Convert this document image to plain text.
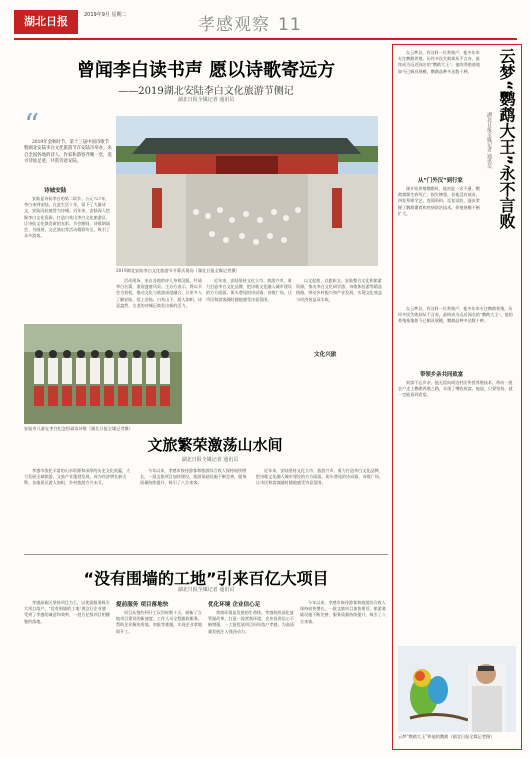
湖北日报	2019年9月 星期二	孝感观察 11
曾闻李白读书声 愿以诗歌寄远方
——2019湖北安陆李白文化旅游节侧记
湖北日报全媒记者 通讯员
“
2019年金秋时节，第十三届中国诗歌节暨湖北安陆李白文化旅游节在安陆市举办。来自全国各地的诗人、作家和游客齐聚一堂，追寻诗仙足迹，共赏诗意安陆。
2019湖北安陆李白文化旅游节开幕式现场（湖北日报全媒记者摄）
诗城安陆
安陆是诗仙李白的第二故乡。公元727年，李白来到安陆，在此生活十年，留下了大量诗文，安陆因此被誉为诗城。近年来，安陆深入挖掘李白文化资源，打造白兆山李白文化旅游区，让诗仙文化焕发新的光彩。节会期间，诗歌朗诵会、书画展、文艺演出等活动精彩纷呈，吸引了众多游客。
活动现场，来自各地的诗人身着汉服，吟诵李白名篇，重现盛唐风采。主办方表示，将以节会为契机，推动文化与旅游深度融合，让更多人了解安陆、爱上安陆。白兆山下，游人如织，诗意盎然，古老的诗城正焕发出新的活力。
近年来，安陆坚持文化立市、旅游兴市，着力打造李白文化品牌，把诗歌文化融入城市建设的方方面面。街头巷尾的诗词墙、诗歌广场，让市民和游客随时随地感受诗意氛围。
文化兴旅
以文促旅、以旅彰文。安陆整合文化和旅游资源，推出李白文化研学游、诗歌体验游等精品线路，带动乡村振兴和产业发展，实现文化效益与经济效益双丰收。
安陆市儿童在李白纪念馆诵读诗歌（湖北日报全媒记者摄）
文旅繁荣激荡山水间
湖北日报全媒记者 通讯员
孝感市依托丰富的山水资源和深厚的历史文化底蕴，大力发展全域旅游，文旅产业蓬勃发展，成为经济增长新引擎。各地景区游人如织，乡村旅游方兴未艾。
今年以来，孝感市接待游客和旅游综合收入保持较快增长，一批文旅项目加快建设，旅游基础设施不断完善，服务质量持续提升，吸引了八方来客。
近年来，安陆坚持文化立市、旅游兴市，着力打造李白文化品牌，把诗歌文化融入城市建设的方方面面。街头巷尾的诗词墙、诗歌广场，让市民和游客随时随地感受诗意氛围。
“没有围墙的工地”引来百亿大项目
湖北日报全媒记者 通讯员
孝感高新区坚持项目为王，以优质服务吸引大项目落户。“没有围墙的工地”理念让企业感受到了孝感的诚意和效率，一批百亿级项目相继签约落地。
提前服务 项目落地快
项目从签约到开工仅用时数十天，刷新了当地项目建设的新速度。工作人员全程跟踪服务，帮助企业解决用地、审批等难题，实现企业拿地即开工。
优化环境 企业信心足
营商环境是发展的生命线。孝感持续深化放管服改革，打造一流营商环境，企业投资信心不断增强，一大批优质项目纷纷落户孝感，为高质量发展注入强劲动力。
今年以来，孝感市接待游客和旅游综合收入保持较快增长，一批文旅项目加快建设，旅游基础设施不断完善，服务质量持续提升，吸引了八方来客。
云梦“鹦鹉大王”永不言败
湖北日报全媒记者 通讯员
在云梦县，有这样一位养殖户，他多年来专注鹦鹉养殖，历经多次失败却从不言弃，最终成为远近闻名的“鹦鹉大王”。他的养殖基地如今已颇具规模，鹦鹉品种多达数十种。
从“门外汉”到行家
刚开始养殖鹦鹉时，他对此一窍不通，鹦鹉频频生病死亡，损失惨重。但他没有放弃，四处拜师学艺，查阅资料，反复试验，逐步掌握了鹦鹉繁育和疾病防治技术，养殖规模不断扩大。
在云梦县，有这样一位养殖户，他多年来专注鹦鹉养殖，历经多次失败却从不言弃，最终成为远近闻名的“鹦鹉大王”。他的养殖基地如今已颇具规模，鹦鹉品种多达数十种。
带领乡亲共同致富
致富不忘乡亲。他无偿向周边村民传授养殖技术，带动一批农户走上鹦鹉养殖之路，实现了增收致富。他说，只要坚持，就一定能看到希望。
云梦“鹦鹉大王”和他的鹦鹉（湖北日报全媒记者摄）
